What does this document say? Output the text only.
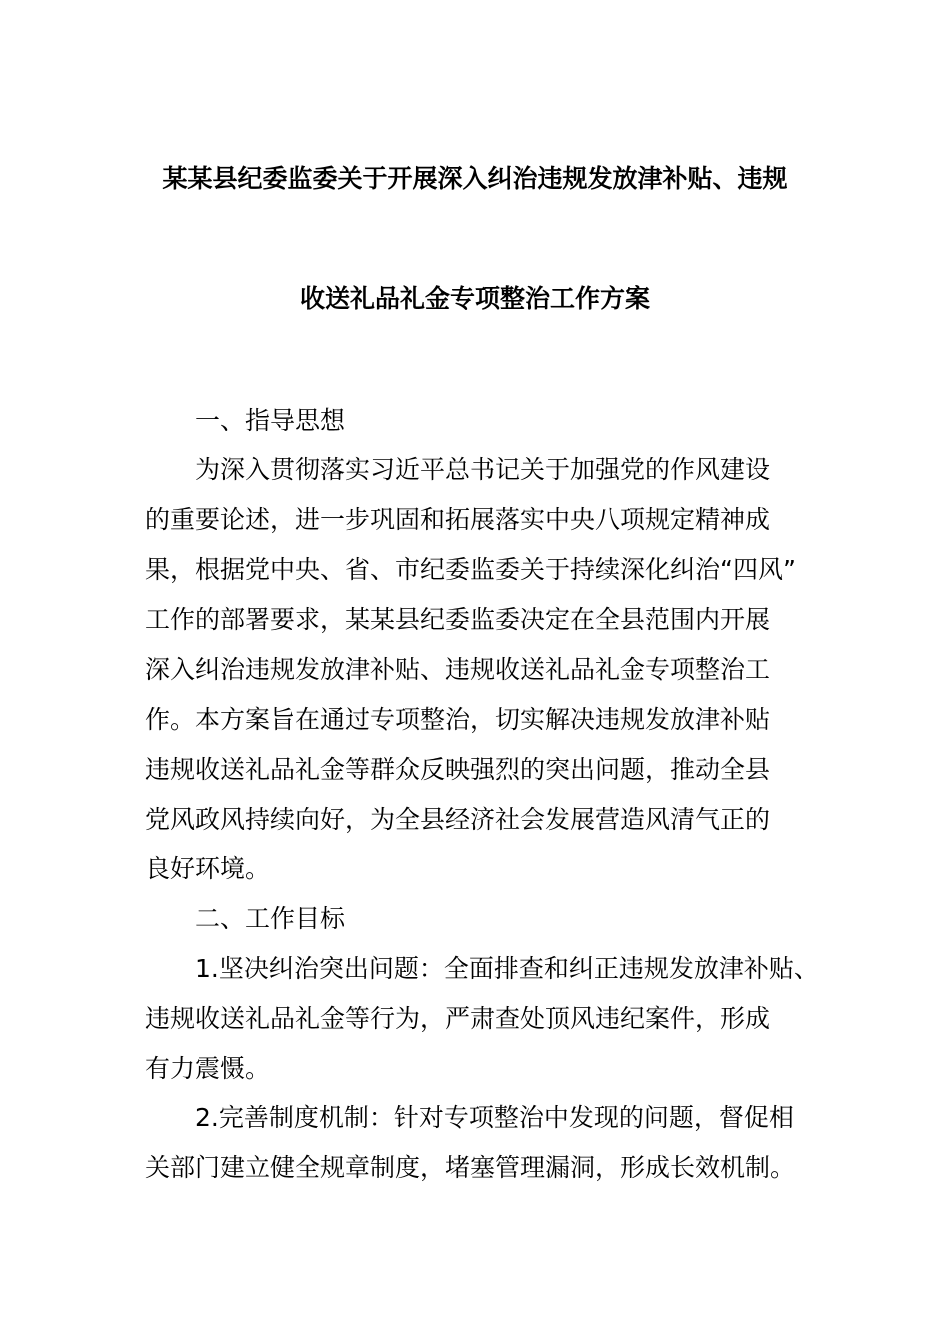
某某县纪委监委关于开展深入纠治违规发放津补贴、违规
收送礼品礼金专项整治工作方案
一、指导思想
为深入贯彻落实习近平总书记关于加强党的作风建设
的重要论述，进一步巩固和拓展落实中央八项规定精神成
果，根据党中央、省、市纪委监委关于持续深化纠治“四风”
工作的部署要求，某某县纪委监委决定在全县范围内开展
深入纠治违规发放津补贴、违规收送礼品礼金专项整治工
作。本方案旨在通过专项整治，切实解决违规发放津补贴
违规收送礼品礼金等群众反映强烈的突出问题，推动全县
党风政风持续向好，为全县经济社会发展营造风清气正的
良好环境。
二、工作目标
1.坚决纠治突出问题：全面排查和纠正违规发放津补贴、
违规收送礼品礼金等行为，严肃查处顶风违纪案件，形成
有力震慑。
2.完善制度机制：针对专项整治中发现的问题，督促相
关部门建立健全规章制度，堵塞管理漏洞，形成长效机制。
